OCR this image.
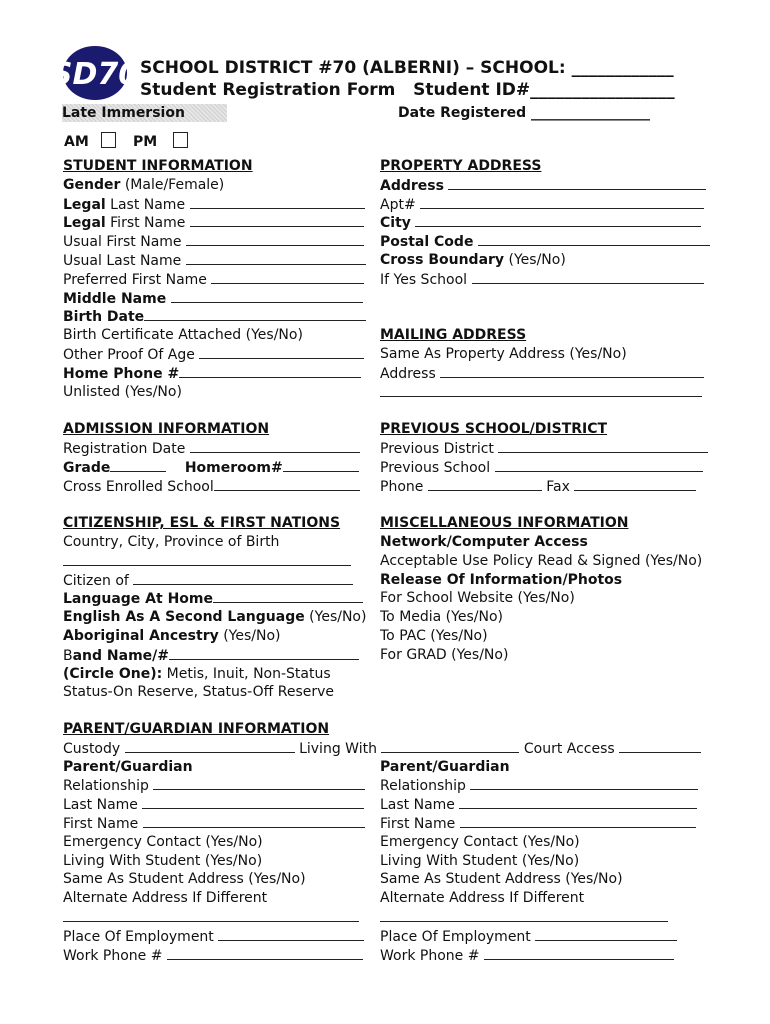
SD70 SCHOOL DISTRICT #70 (ALBERNI) – SCHOOL: ____________
Student Registration Form   Student ID#_________________
Late Immersion	Date Registered _________________
AM	PM
STUDENT INFORMATION
Gender (Male/Female)
Legal Last Name
Legal First Name
Usual First Name
Usual Last Name
Preferred First Name
Middle Name
Birth Date
Birth Certificate Attached (Yes/No)
Other Proof Of Age
Home Phone #
Unlisted (Yes/No)
ADMISSION INFORMATION
Registration Date
Grade	Homeroom#
Cross Enrolled School
CITIZENSHIP, ESL & FIRST NATIONS
Country, City, Province of Birth
Citizen of
Language At Home
English As A Second Language (Yes/No)
Aboriginal Ancestry (Yes/No)
Band Name/#
(Circle One): Metis, Inuit, Non-Status
Status-On Reserve, Status-Off Reserve
PROPERTY ADDRESS
Address
Apt#
City
Postal Code
Cross Boundary (Yes/No)
If Yes School
MAILING ADDRESS
Same As Property Address (Yes/No)
Address
PREVIOUS SCHOOL/DISTRICT
Previous District
Previous School
Phone	Fax
MISCELLANEOUS INFORMATION
Network/Computer Access
Acceptable Use Policy Read & Signed (Yes/No)
Release Of Information/Photos
For School Website (Yes/No)
To Media (Yes/No)
To PAC (Yes/No)
For GRAD (Yes/No)
PARENT/GUARDIAN INFORMATION
Custody	Living With	Court Access
Parent/Guardian
Relationship
Last Name
First Name
Emergency Contact (Yes/No)
Living With Student (Yes/No)
Same As Student Address (Yes/No)
Alternate Address If Different
Place Of Employment
Work Phone #
Parent/Guardian
Relationship
Last Name
First Name
Emergency Contact (Yes/No)
Living With Student (Yes/No)
Same As Student Address (Yes/No)
Alternate Address If Different
Place Of Employment
Work Phone #
